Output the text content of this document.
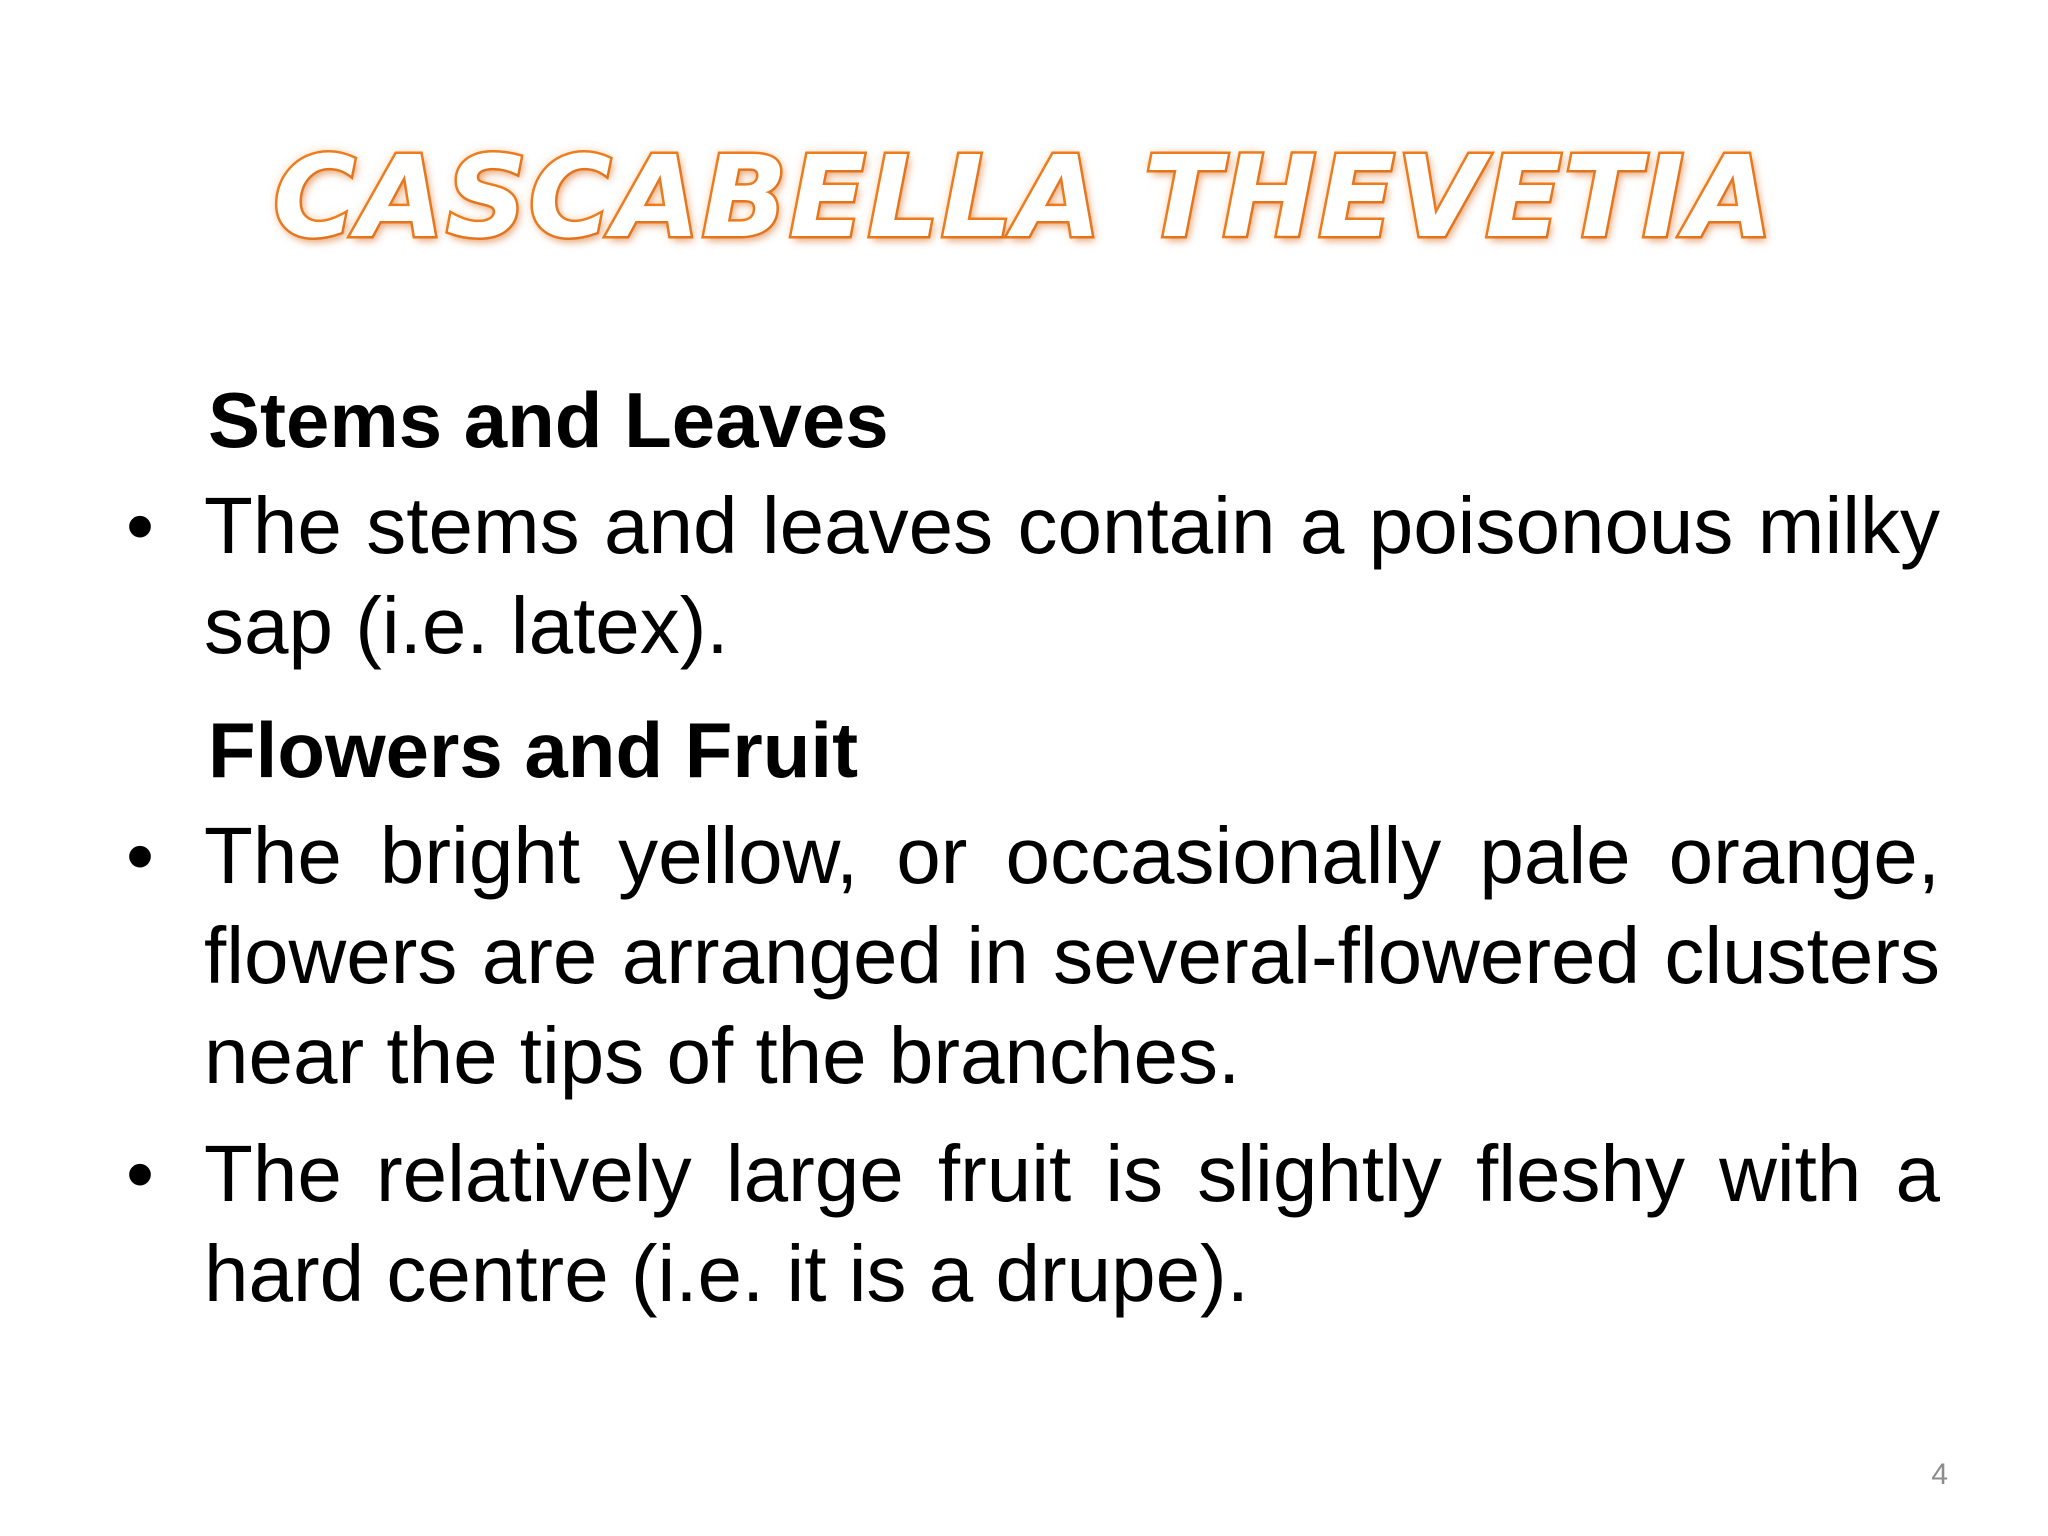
CASCABELLA THEVETIA
Stems and Leaves
• The stems and leaves contain a poisonous milky sap (i.e. latex).
Flowers and Fruit
• The bright yellow, or occasionally pale orange, flowers are arranged in several-flowered clusters near the tips of the branches.
• The relatively large fruit is slightly fleshy with a hard centre (i.e. it is a drupe).
4
